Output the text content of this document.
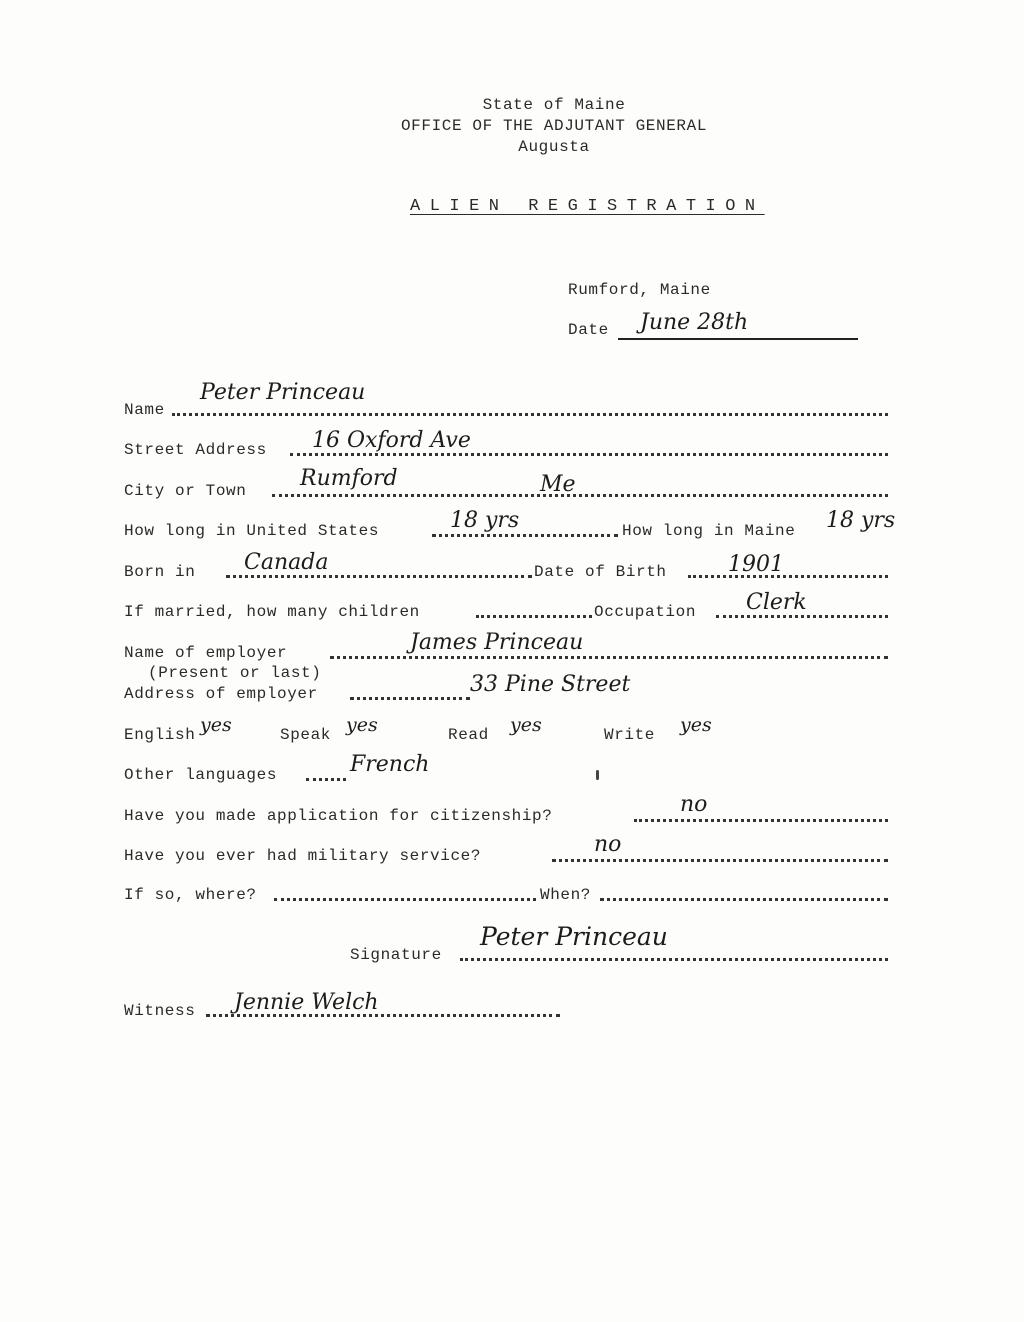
State of Maine
OFFICE OF THE ADJUTANT GENERAL
Augusta
ALIEN REGISTRATION
Rumford, Maine
Date June 28th
Name
Peter Princeau
Street Address 16 Oxford Ave
City or Town Rumford	Me
How long in United States	18 yrs	How long in Maine 18 yrs
Born in Canada	Date of Birth	1901
If married, how many children	Occupation Clerk
Name of employer	James Princeau
(Present or last)
Address of employer	33 Pine Street
English yes	Speak yes	Read yes	Write yes
Other languages	French
Have you made application for citizenship?	no
Have you ever had military service?	no
If so, where?	When?
Signature
Peter Princeau
Witness Jennie Welch
